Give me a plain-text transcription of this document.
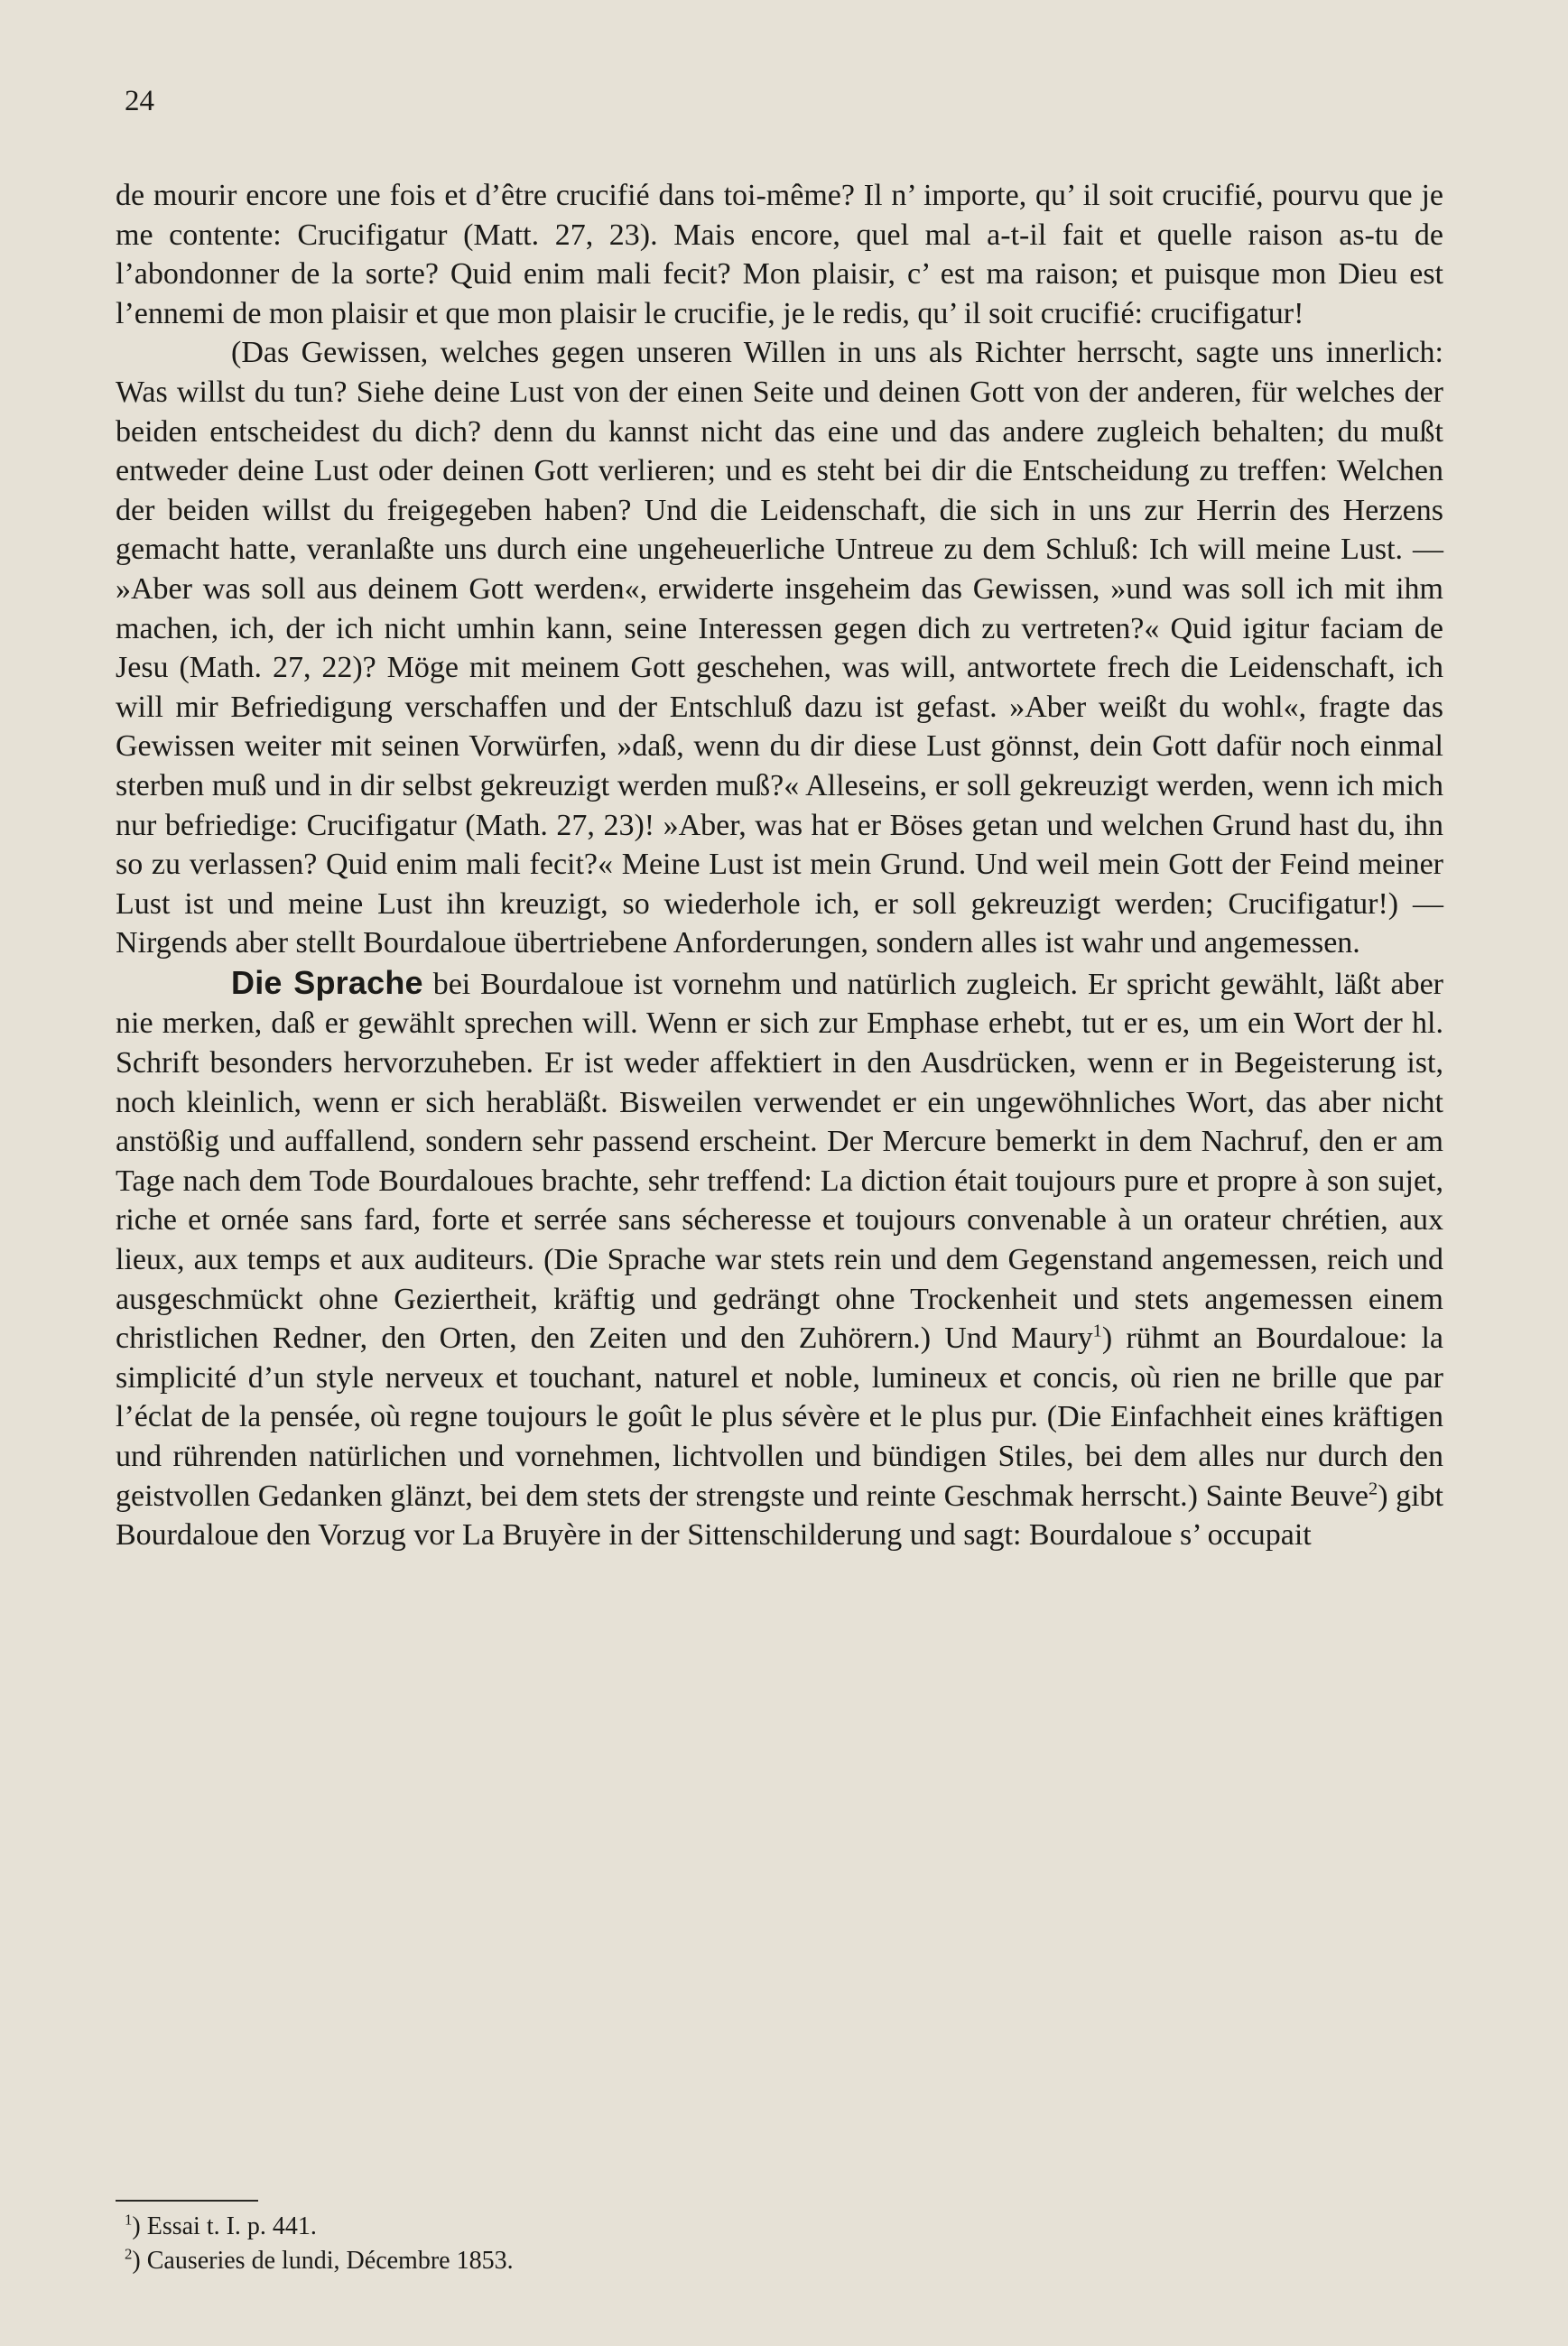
24

de mourir encore une fois et d’être crucifié dans toi-même? Il n’ importe, qu’ il soit crucifié, pourvu que je me contente: Crucifigatur (Matt. 27, 23). Mais encore, quel mal a-t-il fait et quelle raison as-tu de l’abondonner de la sorte? Quid enim mali fecit? Mon plaisir, c’ est ma raison; et puisque mon Dieu est l’ennemi de mon plaisir et que mon plaisir le crucifie, je le redis, qu’ il soit crucifié: crucifigatur!

(Das Gewissen, welches gegen unseren Willen in uns als Richter herrscht, sagte uns innerlich: Was willst du tun? Siehe deine Lust von der einen Seite und deinen Gott von der anderen, für welches der beiden entscheidest du dich? denn du kannst nicht das eine und das andere zugleich behalten; du mußt entweder deine Lust oder deinen Gott verlieren; und es steht bei dir die Entscheidung zu treffen: Welchen der beiden willst du freigegeben haben? Und die Leidenschaft, die sich in uns zur Herrin des Herzens gemacht hatte, veranlaßte uns durch eine ungeheuerliche Untreue zu dem Schluß: Ich will meine Lust. — »Aber was soll aus deinem Gott werden«, erwiderte insgeheim das Gewissen, »und was soll ich mit ihm machen, ich, der ich nicht umhin kann, seine Interessen gegen dich zu vertreten?« Quid igitur faciam de Jesu (Math. 27, 22)? Möge mit meinem Gott geschehen, was will, antwortete frech die Leidenschaft, ich will mir Befriedigung verschaffen und der Entschluß dazu ist gefast. »Aber weißt du wohl«, fragte das Gewissen weiter mit seinen Vorwürfen, »daß, wenn du dir diese Lust gönnst, dein Gott dafür noch einmal sterben muß und in dir selbst gekreuzigt werden muß?« Alleseins, er soll gekreuzigt werden, wenn ich mich nur befriedige: Crucifigatur (Math. 27, 23)! »Aber, was hat er Böses getan und welchen Grund hast du, ihn so zu verlassen? Quid enim mali fecit?« Meine Lust ist mein Grund. Und weil mein Gott der Feind meiner Lust ist und meine Lust ihn kreuzigt, so wiederhole ich, er soll gekreuzigt werden; Crucifigatur!) — Nirgends aber stellt Bourdaloue übertriebene Anforderungen, sondern alles ist wahr und angemessen.

Die Sprache bei Bourdaloue ist vornehm und natürlich zugleich. Er spricht gewählt, läßt aber nie merken, daß er gewählt sprechen will. Wenn er sich zur Emphase erhebt, tut er es, um ein Wort der hl. Schrift besonders hervorzuheben. Er ist weder affektiert in den Ausdrücken, wenn er in Begeisterung ist, noch kleinlich, wenn er sich herabläßt. Bisweilen verwendet er ein ungewöhnliches Wort, das aber nicht anstößig und auffallend, sondern sehr passend erscheint. Der Mercure bemerkt in dem Nachruf, den er am Tage nach dem Tode Bourdaloues brachte, sehr treffend: La diction était toujours pure et propre à son sujet, riche et ornée sans fard, forte et serrée sans sécheresse et toujours convenable à un orateur chrétien, aux lieux, aux temps et aux auditeurs. (Die Sprache war stets rein und dem Gegenstand angemessen, reich und ausgeschmückt ohne Geziertheit, kräftig und gedrängt ohne Trockenheit und stets angemessen einem christlichen Redner, den Orten, den Zeiten und den Zuhörern.) Und Maury$^1$) rühmt an Bourdaloue: la simplicité d’un style nerveux et touchant, naturel et noble, lumineux et concis, où rien ne brille que par l’éclat de la pensée, où regne toujours le goût le plus sévère et le plus pur. (Die Einfachheit eines kräftigen und rührenden natürlichen und vornehmen, lichtvollen und bündigen Stiles, bei dem alles nur durch den geistvollen Gedanken glänzt, bei dem stets der strengste und reinte Geschmak herrscht.) Sainte Beuve$^2$) gibt Bourdaloue den Vorzug vor La Bruyère in der Sittenschilderung und sagt: Bourdaloue s’ occupait

$^1$) Essai t. I. p. 441.

$^2$) Causeries de lundi, Décembre 1853.
